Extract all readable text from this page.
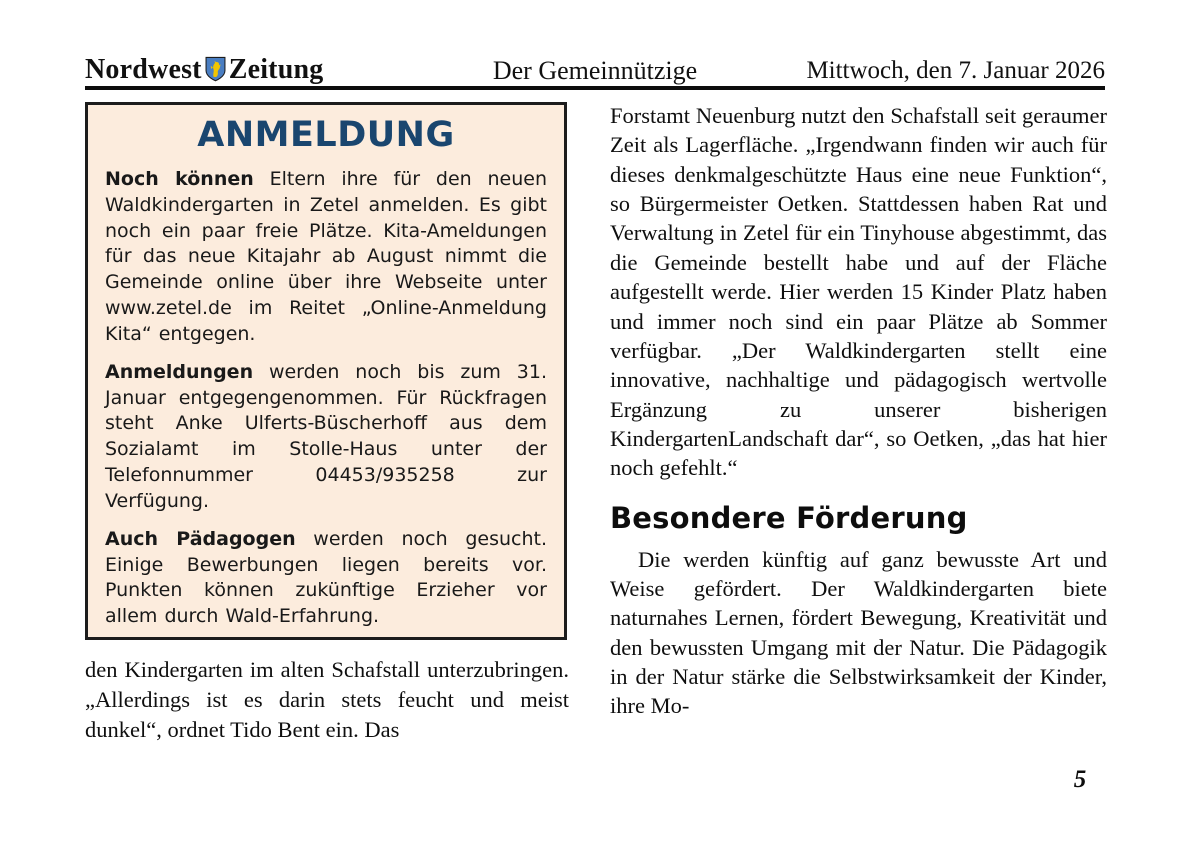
Nordwest Zeitung	Der Gemeinnützige	Mittwoch, den 7. Januar 2026
ANMELDUNG

Noch können Eltern ihre für den neuen Waldkindergarten in Zetel anmelden. Es gibt noch ein paar freie Plätze. Kita-Ameldungen für das neue Kitajahr ab August nimmt die Gemeinde online über ihre Webseite unter www.zetel.de im Reitet „Online-Anmeldung Kita“ entgegen.

Anmeldungen werden noch bis zum 31. Januar entgegengenommen. Für Rückfragen steht Anke Ulferts-Büscherhoff aus dem Sozialamt im Stolle-Haus unter der Telefonnummer 04453/935258 zur Verfügung.

Auch Pädagogen werden noch gesucht. Einige Bewerbungen liegen bereits vor. Punkten können zukünftige Erzieher vor allem durch Wald-Erfahrung.

den Kindergarten im alten Schafstall unterzubringen. „Allerdings ist es darin stets feucht und meist dunkel“, ordnet Tido Bent ein. Das

Forstamt Neuenburg nutzt den Schafstall seit geraumer Zeit als Lagerfläche. „Irgendwann finden wir auch für dieses denkmalgeschützte Haus eine neue Funktion“, so Bürgermeister Oetken. Stattdessen haben Rat und Verwaltung in Zetel für ein Tinyhouse abgestimmt, das die Gemeinde bestellt habe und auf der Fläche aufgestellt werde. Hier werden 15 Kinder Platz haben und immer noch sind ein paar Plätze ab Sommer verfügbar. „Der Waldkindergarten stellt eine innovative, nachhaltige und pädagogisch wertvolle Ergänzung zu unserer bisherigen KindergartenLandschaft dar“, so Oetken, „das hat hier noch gefehlt.“

Besondere Förderung

Die werden künftig auf ganz bewusste Art und Weise gefördert. Der Waldkindergarten biete naturnahes Lernen, fördert Bewegung, Kreativität und den bewussten Umgang mit der Natur. Die Pädagogik in der Natur stärke die Selbstwirksamkeit der Kinder, ihre Mo-

5
